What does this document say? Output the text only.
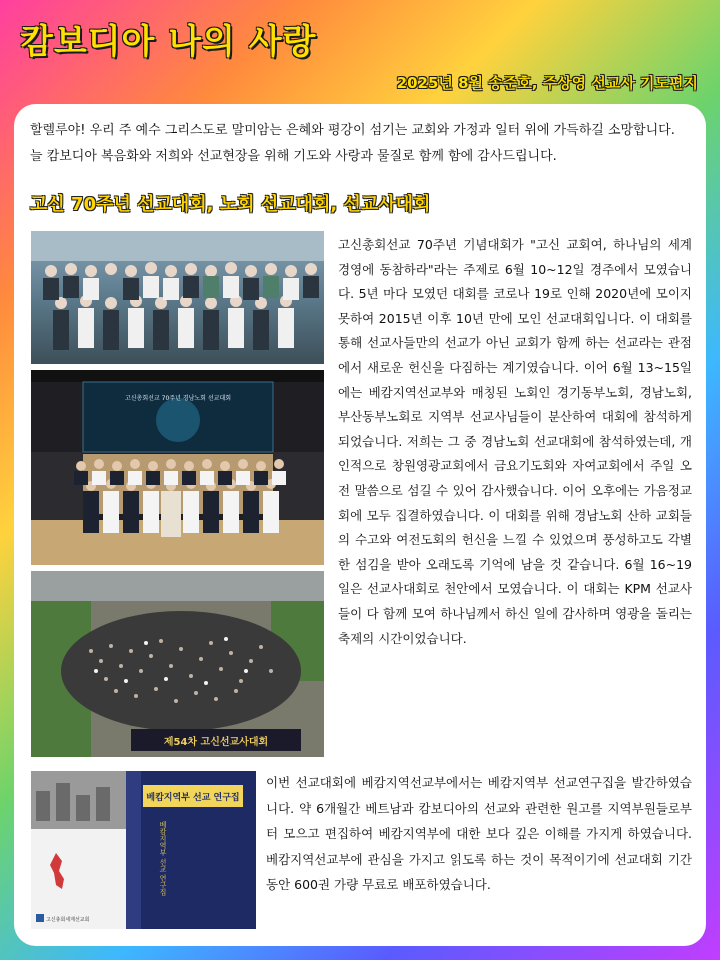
캄보디아 나의 사랑
2025년 8월 송준호, 주상영 선교사 기도편지

할렐루야! 우리 주 예수 그리스도로 말미암는 은혜와 평강이 섬기는 교회와 가정과 일터 위에 가득하길 소망합니다. 늘 캄보디아 복음화와 저희와 선교현장을 위해 기도와 사랑과 물질로 함께 함에 감사드립니다.

고신 70주년 선교대회, 노회 선교대회, 선교사대회
고신총회선교 70주년 경남노회 선교대회
제54차 고신선교사대회
고신총회세계선교회
베캄지역부 선교 연구집
베캄지역부 선교 연구집

고신총회선교 70주년 기념대회가 "고신 교회여, 하나님의 세계 경영에 동참하라"라는 주제로 6월 10~12일 경주에서 모였습니다. 5년 마다 모였던 대회를 코로나 19로 인해 2020년에 모이지 못하여 2015년 이후 10년 만에 모인 선교대회입니다. 이 대회를 통해 선교사들만의 선교가 아닌 교회가 함께 하는 선교라는 관점에서 새로운 헌신을 다짐하는 계기였습니다. 이어 6월 13~15일에는 베캄지역선교부와 매칭된 노회인 경기동부노회, 경남노회, 부산동부노회로 지역부 선교사님들이 분산하여 대회에 참석하게 되었습니다. 저희는 그 중 경남노회 선교대회에 참석하였는데, 개인적으로 창원영광교회에서 금요기도회와 자여교회에서 주일 오전 말씀으로 섬길 수 있어 감사했습니다. 이어 오후에는 가음정교회에 모두 집결하였습니다. 이 대회를 위해 경남노회 산하 교회들의 수고와 여전도회의 헌신을 느낄 수 있었으며 풍성하고도 각별한 섬김을 받아 오래도록 기억에 남을 것 같습니다. 6월 16~19일은 선교사대회로 천안에서 모였습니다. 이 대회는 KPM 선교사들이 다 함께 모여 하나님께서 하신 일에 감사하며 영광을 돌리는 축제의 시간이었습니다.

이번 선교대회에 베캄지역선교부에서는 베캄지역부 선교연구집을 발간하였습니다. 약 6개월간 베트남과 캄보디아의 선교와 관련한 원고를 지역부원들로부터 모으고 편집하여 베캄지역부에 대한 보다 깊은 이해를 가지게 하였습니다. 베캄지역선교부에 관심을 가지고 읽도록 하는 것이 목적이기에 선교대회 기간동안 600권 가량 무료로 배포하였습니다.
